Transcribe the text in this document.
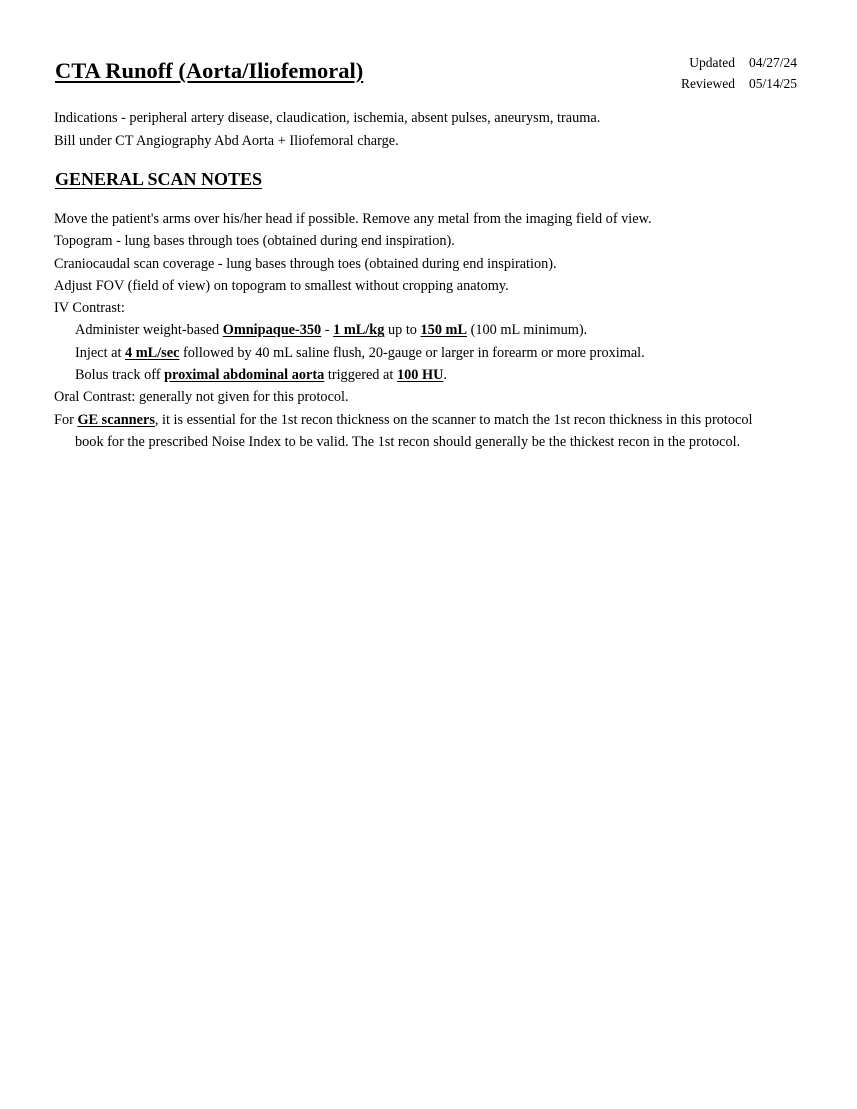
CTA Runoff (Aorta/Iliofemoral)	Updated 04/27/24
Reviewed 05/14/25

Indications - peripheral artery disease, claudication, ischemia, absent pulses, aneurysm, trauma.

Bill under CT Angiography Abd Aorta + Iliofemoral charge.

GENERAL SCAN NOTES

Move the patient's arms over his/her head if possible. Remove any metal from the imaging field of view.

Topogram - lung bases through toes (obtained during end inspiration).

Craniocaudal scan coverage - lung bases through toes (obtained during end inspiration).

Adjust FOV (field of view) on topogram to smallest without cropping anatomy.

IV Contrast:

Administer weight-based Omnipaque-350 - 1 mL/kg up to 150 mL (100 mL minimum).

Inject at 4 mL/sec followed by 40 mL saline flush, 20-gauge or larger in forearm or more proximal.

Bolus track off proximal abdominal aorta triggered at 100 HU.

Oral Contrast: generally not given for this protocol.

For GE scanners, it is essential for the 1st recon thickness on the scanner to match the 1st recon thickness in this protocol book for the prescribed Noise Index to be valid. The 1st recon should generally be the thickest recon in the protocol.
